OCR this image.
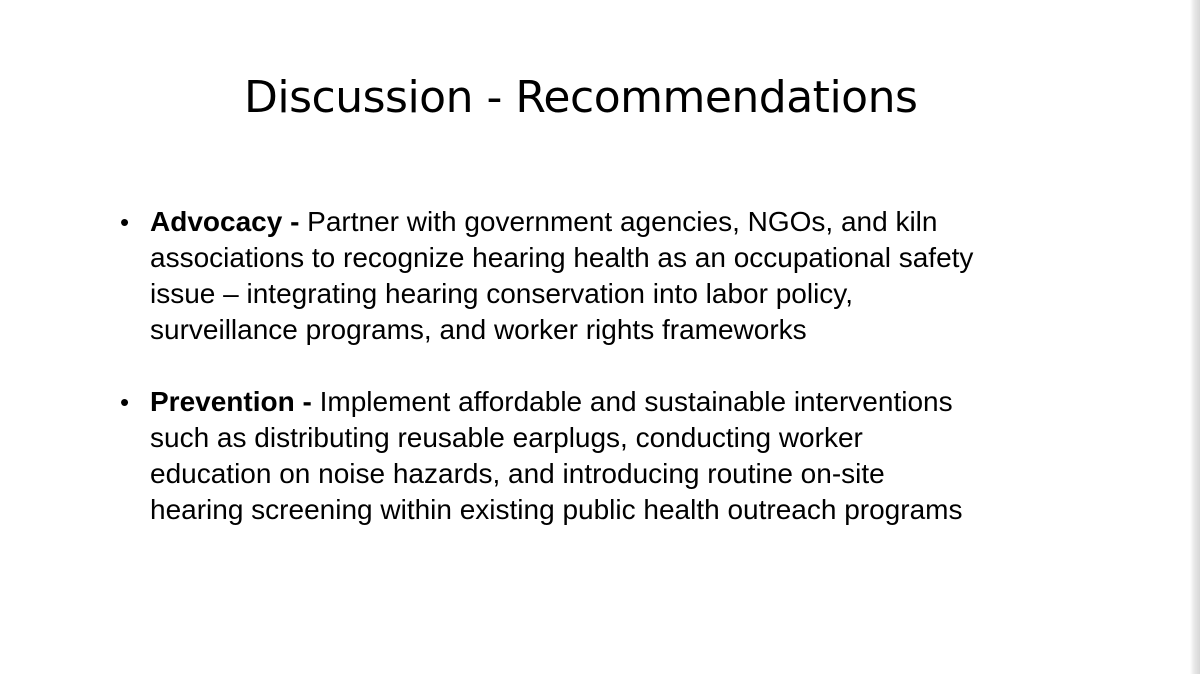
Discussion - Recommendations
• Advocacy - Partner with government agencies, NGOs, and kiln
associations to recognize hearing health as an occupational safety
issue – integrating hearing conservation into labor policy,
surveillance programs, and worker rights frameworks
• Prevention - Implement affordable and sustainable interventions
such as distributing reusable earplugs, conducting worker
education on noise hazards, and introducing routine on-site
hearing screening within existing public health outreach programs
